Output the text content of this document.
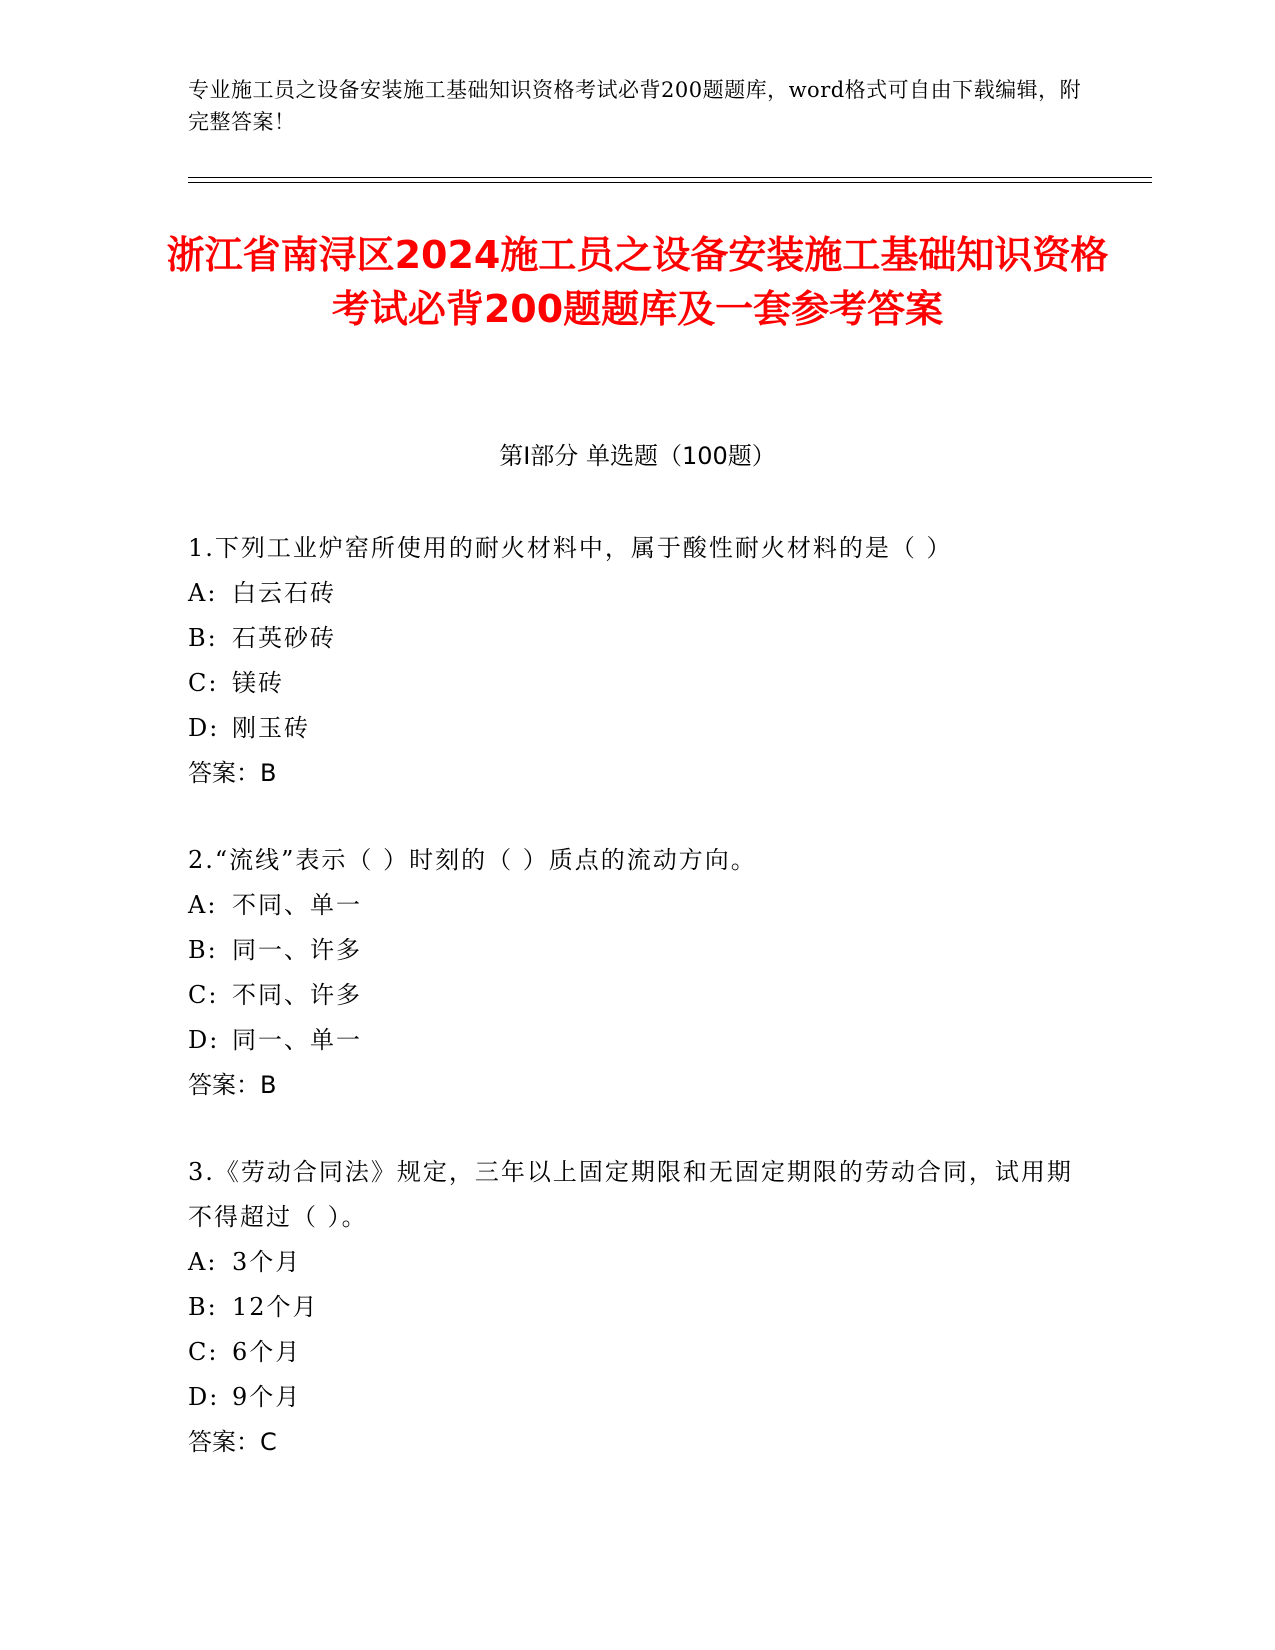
专业施工员之设备安装施工基础知识资格考试必背200题题库，word格式可自由下载编辑，附完整答案！

浙江省南浔区2024施工员之设备安装施工基础知识资格考试必背200题题库及一套参考答案
第I部分 单选题（100题）

1.下列工业炉窑所使用的耐火材料中，属于酸性耐火材料的是（ ）

A: 白云石砖

B: 石英砂砖

C: 镁砖

D: 刚玉砖

答案：B

2.“流线”表示（ ）时刻的（ ）质点的流动方向。

A: 不同、单一

B: 同一、许多

C: 不同、许多

D: 同一、单一

答案：B

3.《劳动合同法》规定，三年以上固定期限和无固定期限的劳动合同，试用期不得超过（ ）。

A: 3个月

B: 12个月

C: 6个月

D: 9个月

答案：C
